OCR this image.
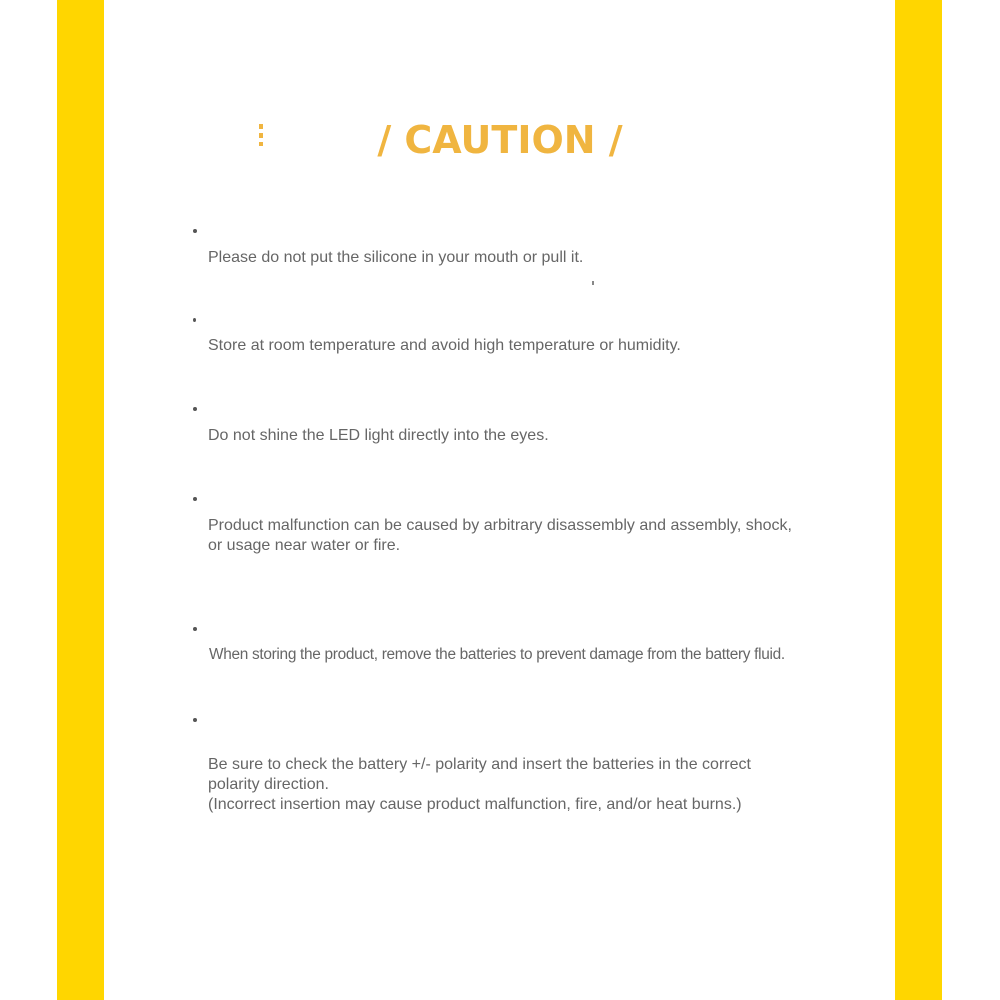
/ CAUTION /
Please do not put the silicone in your mouth or pull it.
Store at room temperature and avoid high temperature or humidity.
Do not shine the LED light directly into the eyes.
Product malfunction can be caused by arbitrary disassembly and assembly, shock,
or usage near water or fire.
When storing the product, remove the batteries to prevent damage from the battery fluid.
Be sure to check the battery +/- polarity and insert the batteries in the correct
polarity direction.
(Incorrect insertion may cause product malfunction, fire, and/or heat burns.)
